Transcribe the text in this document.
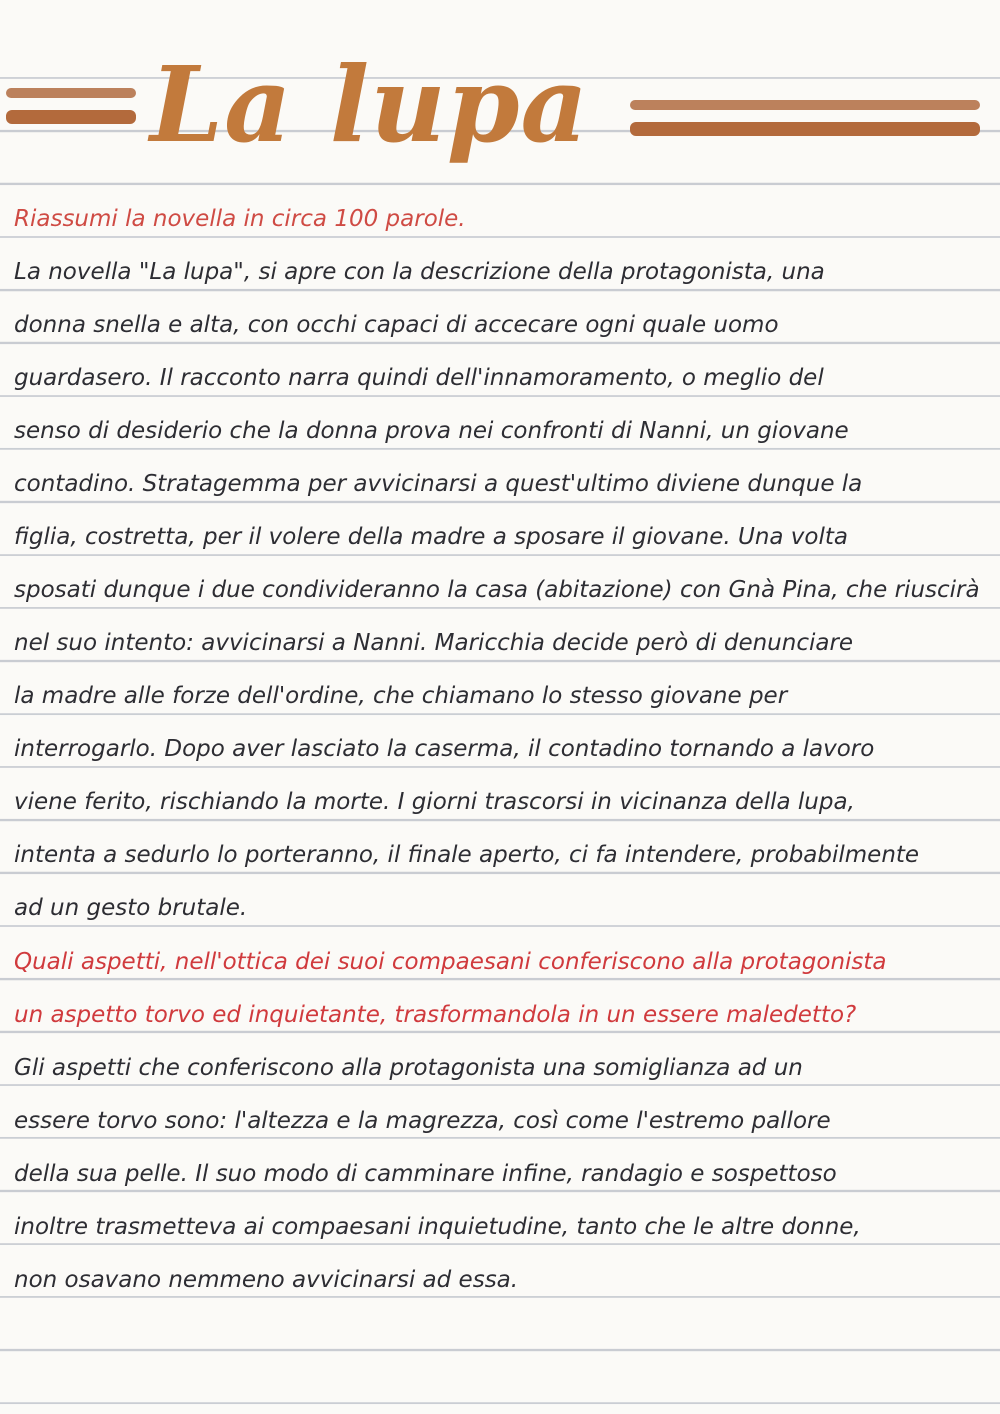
La lupa
Riassumi la novella in circa 100 parole.
La novella "La lupa", si apre con la descrizione della protagonista, una
donna snella e alta, con occhi capaci di accecare ogni quale uomo
guardasero. Il racconto narra quindi dell'innamoramento, o meglio del
senso di desiderio che la donna prova nei confronti di Nanni, un giovane
contadino. Stratagemma per avvicinarsi a quest'ultimo diviene dunque la
figlia, costretta, per il volere della madre a sposare il giovane. Una volta
sposati dunque i due condivideranno la casa (abitazione) con Gnà Pina, che riuscirà
nel suo intento: avvicinarsi a Nanni. Maricchia decide però di denunciare
la madre alle forze dell'ordine, che chiamano lo stesso giovane per
interrogarlo. Dopo aver lasciato la caserma, il contadino tornando a lavoro
viene ferito, rischiando la morte. I giorni trascorsi in vicinanza della lupa,
intenta a sedurlo lo porteranno, il finale aperto, ci fa intendere, probabilmente
ad un gesto brutale.
Quali aspetti, nell'ottica dei suoi compaesani conferiscono alla protagonista
un aspetto torvo ed inquietante, trasformandola in un essere maledetto?
Gli aspetti che conferiscono alla protagonista una somiglianza ad un
essere torvo sono: l'altezza e la magrezza, così come l'estremo pallore
della sua pelle. Il suo modo di camminare infine, randagio e sospettoso
inoltre trasmetteva ai compaesani inquietudine, tanto che le altre donne,
non osavano nemmeno avvicinarsi ad essa.
